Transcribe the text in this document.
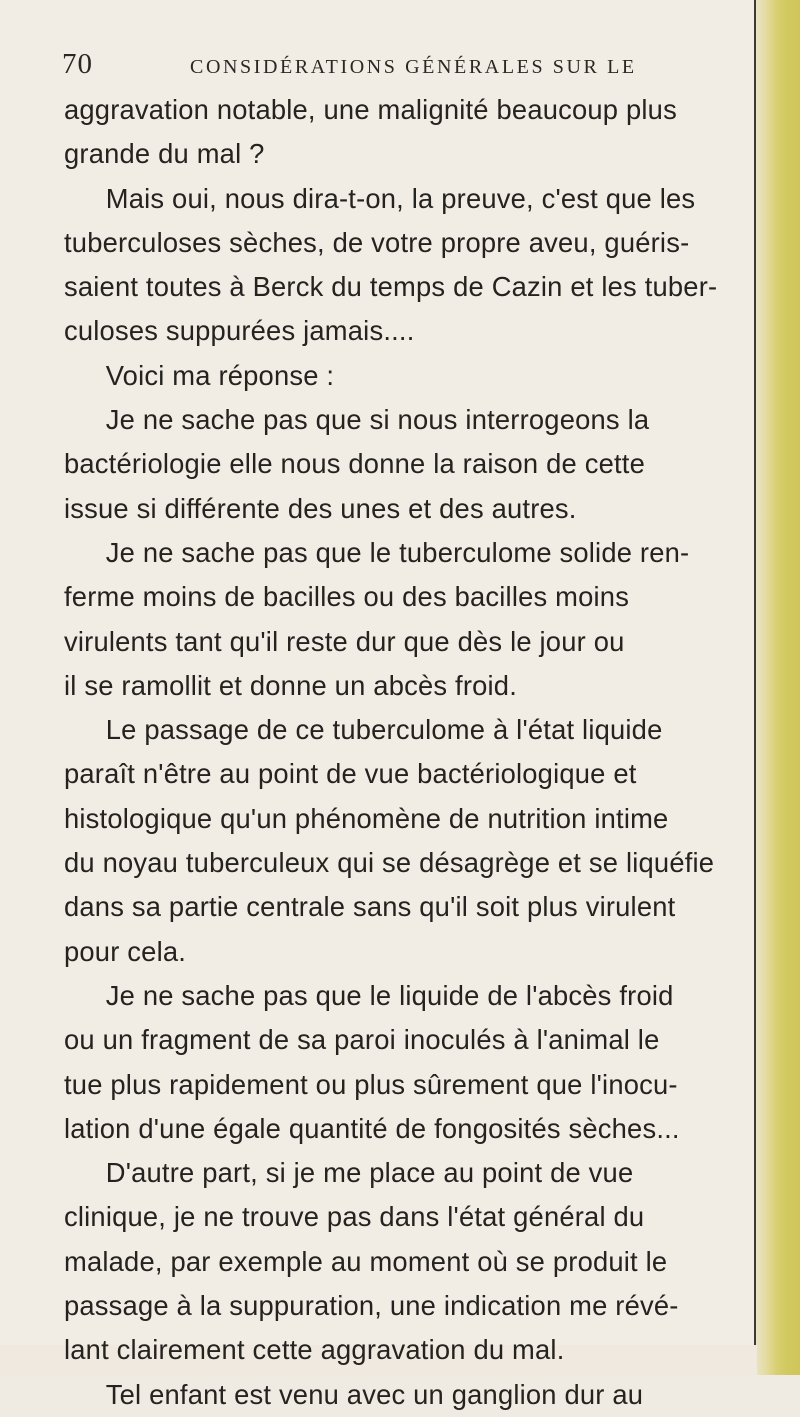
70	CONSIDÉRATIONS GÉNÉRALES SUR LE
aggravation notable, une malignité beaucoup plus
grande du mal ?
Mais oui, nous dira-t-on, la preuve, c'est que les
tuberculoses sèches, de votre propre aveu, guéris-
saient toutes à Berck du temps de Cazin et les tuber-
culoses suppurées jamais....
Voici ma réponse :
Je ne sache pas que si nous interrogeons la
bactériologie elle nous donne la raison de cette
issue si différente des unes et des autres.
Je ne sache pas que le tuberculome solide ren-
ferme moins de bacilles ou des bacilles moins
virulents tant qu'il reste dur que dès le jour ou
il se ramollit et donne un abcès froid.
Le passage de ce tuberculome à l'état liquide
paraît n'être au point de vue bactériologique et
histologique qu'un phénomène de nutrition intime
du noyau tuberculeux qui se désagrège et se liquéfie
dans sa partie centrale sans qu'il soit plus virulent
pour cela.
Je ne sache pas que le liquide de l'abcès froid
ou un fragment de sa paroi inoculés à l'animal le
tue plus rapidement ou plus sûrement que l'inocu-
lation d'une égale quantité de fongosités sèches...
D'autre part, si je me place au point de vue
clinique, je ne trouve pas dans l'état général du
malade, par exemple au moment où se produit le
passage à la suppuration, une indication me révé-
lant clairement cette aggravation du mal.
Tel enfant est venu avec un ganglion dur au
